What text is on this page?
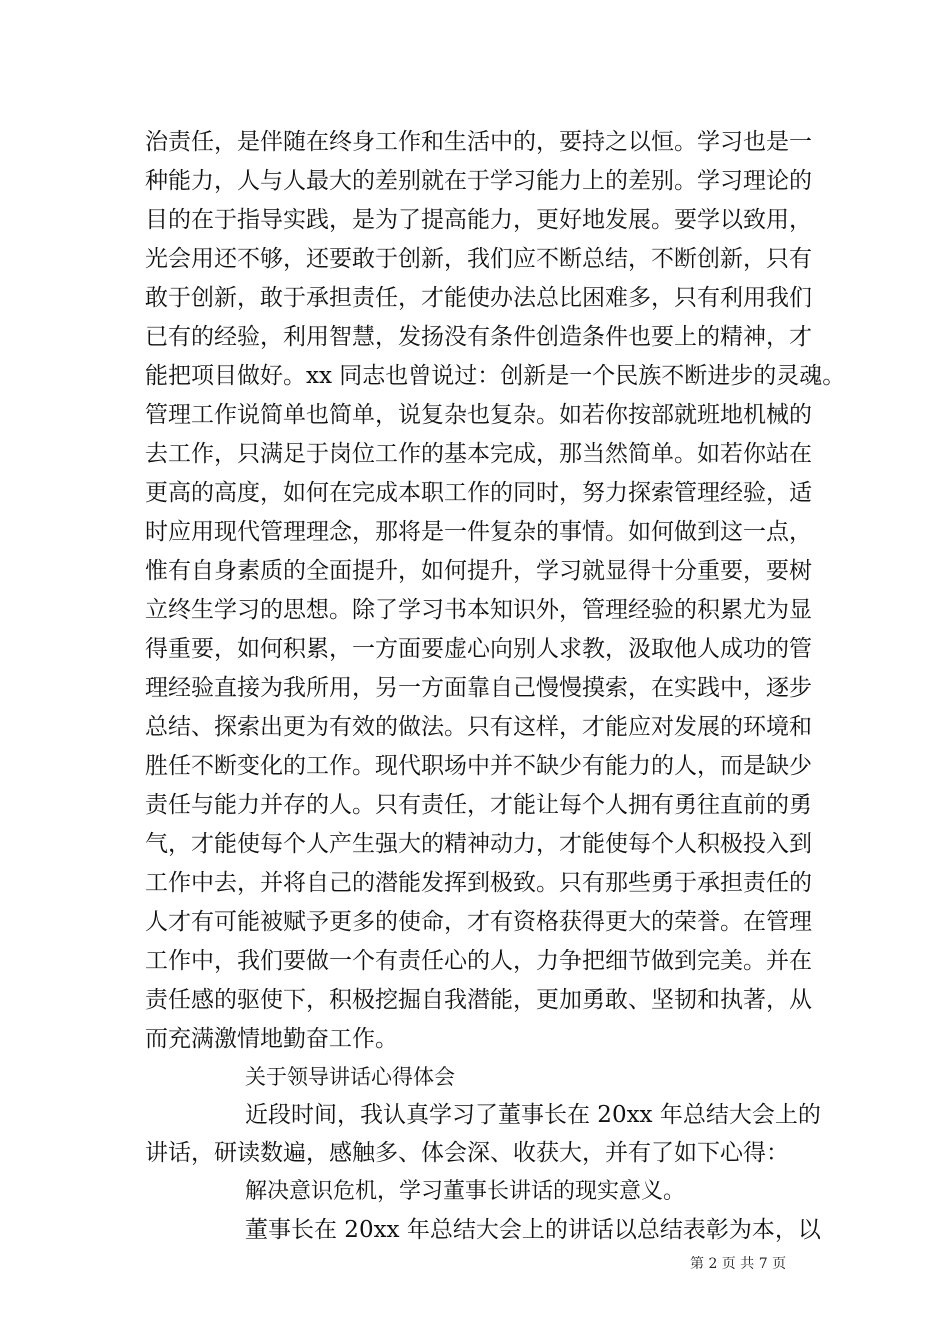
治责任，是伴随在终身工作和生活中的，要持之以恒。学习也是一
种能力，人与人最大的差别就在于学习能力上的差别。学习理论的
目的在于指导实践，是为了提高能力，更好地发展。要学以致用，
光会用还不够，还要敢于创新，我们应不断总结，不断创新，只有
敢于创新，敢于承担责任，才能使办法总比困难多，只有利用我们
已有的经验，利用智慧，发扬没有条件创造条件也要上的精神，才
能把项目做好。xx 同志也曾说过：创新是一个民族不断进步的灵魂。
管理工作说简单也简单，说复杂也复杂。如若你按部就班地机械的
去工作，只满足于岗位工作的基本完成，那当然简单。如若你站在
更高的高度，如何在完成本职工作的同时，努力探索管理经验，适
时应用现代管理理念，那将是一件复杂的事情。如何做到这一点，
惟有自身素质的全面提升，如何提升，学习就显得十分重要，要树
立终生学习的思想。除了学习书本知识外，管理经验的积累尤为显
得重要，如何积累，一方面要虚心向别人求教，汲取他人成功的管
理经验直接为我所用，另一方面靠自己慢慢摸索，在实践中，逐步
总结、探索出更为有效的做法。只有这样，才能应对发展的环境和
胜任不断变化的工作。现代职场中并不缺少有能力的人，而是缺少
责任与能力并存的人。只有责任，才能让每个人拥有勇往直前的勇
气，才能使每个人产生强大的精神动力，才能使每个人积极投入到
工作中去，并将自己的潜能发挥到极致。只有那些勇于承担责任的
人才有可能被赋予更多的使命，才有资格获得更大的荣誉。在管理
工作中，我们要做一个有责任心的人，力争把细节做到完美。并在
责任感的驱使下，积极挖掘自我潜能，更加勇敢、坚韧和执著，从
而充满激情地勤奋工作。
关于领导讲话心得体会
近段时间，我认真学习了董事长在 20xx 年总结大会上的
讲话，研读数遍，感触多、体会深、收获大，并有了如下心得：
解决意识危机，学习董事长讲话的现实意义。
董事长在 20xx 年总结大会上的讲话以总结表彰为本，以
第 2 页 共 7 页
